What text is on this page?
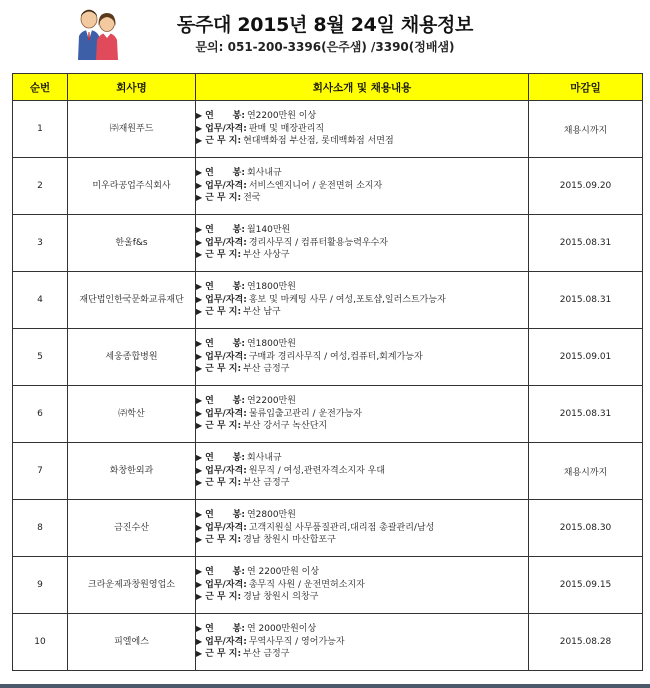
동주대 2015년 8월 24일 채용정보
문의: 051-200-3396(은주샘) /3390(정배샘)
순번	회사명	회사소개 및 채용내용	마감일
1	㈜재원푸드	▶ 연      봉: 연2200만원 이상
▶ 업무/자격: 판매 및 매장관리직
▶ 근 무 지: 현대백화점 부산점, 롯데백화점 서면점	채용시까지
2	미우라공업주식회사	▶ 연      봉: 회사내규
▶ 업무/자격: 서비스엔지니어 / 운전면허 소지자
▶ 근 무 지: 전국	2015.09.20
3	한울f&s	▶ 연      봉: 월140만원
▶ 업무/자격: 경리사무직 / 컴퓨터활용능력우수자
▶ 근 무 지: 부산 사상구	2015.08.31
4	재단법인한국문화교류재단	▶ 연      봉: 연1800만원
▶ 업무/자격: 홍보 및 마케팅 사무 / 여성,포토샵,일러스트가능자
▶ 근 무 지: 부산 남구	2015.08.31
5	세웅종합병원	▶ 연      봉: 연1800만원
▶ 업무/자격: 구매과 경리사무직 / 여성,컴퓨터,회계가능자
▶ 근 무 지: 부산 금정구	2015.09.01
6	㈜학산	▶ 연      봉: 연2200만원
▶ 업무/자격: 물류입출고관리 / 운전가능자
▶ 근 무 지: 부산 강서구 녹산단지	2015.08.31
7	화창한외과	▶ 연      봉: 회사내규
▶ 업무/자격: 원무직 / 여성,관련자격소지자 우대
▶ 근 무 지: 부산 금정구	채용시까지
8	금진수산	▶ 연      봉: 연2800만원
▶ 업무/자격: 고객지원실 사무품질관리,대리점 총괄관리/남성
▶ 근 무 지: 경남 창원시 마산합포구	2015.08.30
9	크라운제과창원영업소	▶ 연      봉: 연 2200만원 이상
▶ 업무/자격: 총무직 사원 / 운전면허소지자
▶ 근 무 지: 경남 창원시 의창구	2015.09.15
10	피엘에스	▶ 연      봉: 연 2000만원이상
▶ 업무/자격: 무역사무직 / 영어가능자
▶ 근 무 지: 부산 금정구	2015.08.28
